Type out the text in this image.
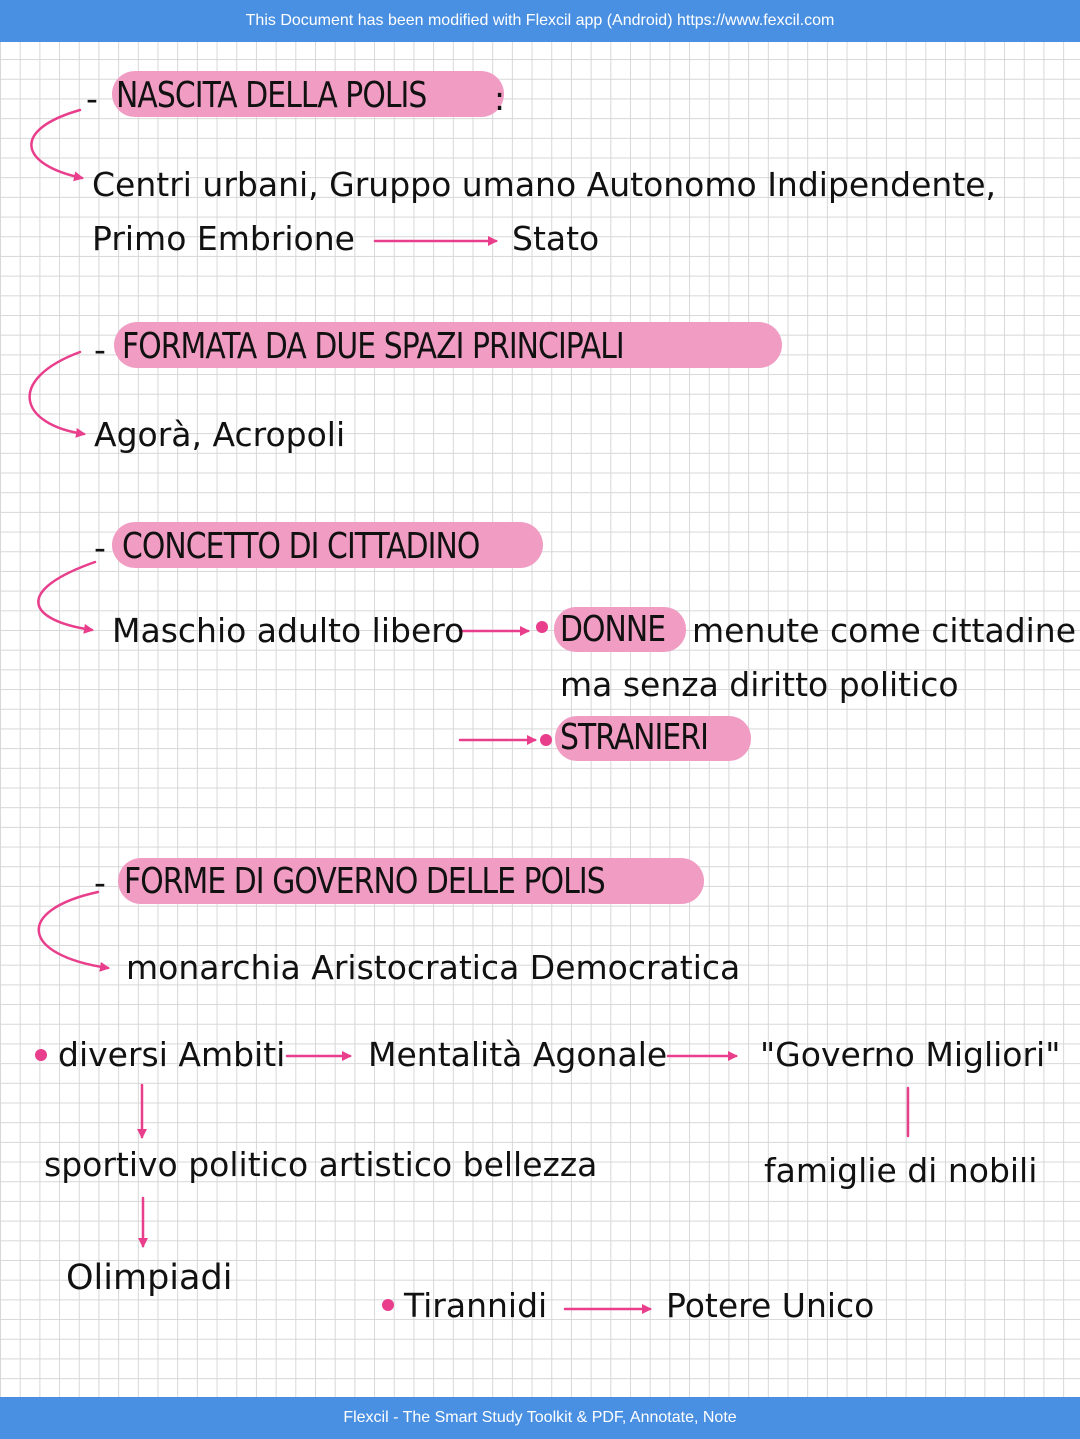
This Document has been modified with Flexcil app (Android) https://www.fexcil.com
- NASCITA DELLA POLIS :
Centri urbani, Gruppo umano Autonomo Indipendente,
Primo Embrione	Stato
- FORMATA DA DUE SPAZI PRINCIPALI
Agorà, Acropoli
- CONCETTO DI CITTADINO
Maschio adulto libero	DONNE menute come cittadine
ma senza diritto politico
STRANIERI
- FORME DI GOVERNO DELLE POLIS
monarchia Aristocratica Democratica
diversi Ambiti	Mentalità Agonale	"Governo Migliori"
sportivo politico artistico bellezza	famiglie di nobili
Olimpiadi
Tirannidi	Potere Unico
Flexcil - The Smart Study Toolkit & PDF, Annotate, Note
